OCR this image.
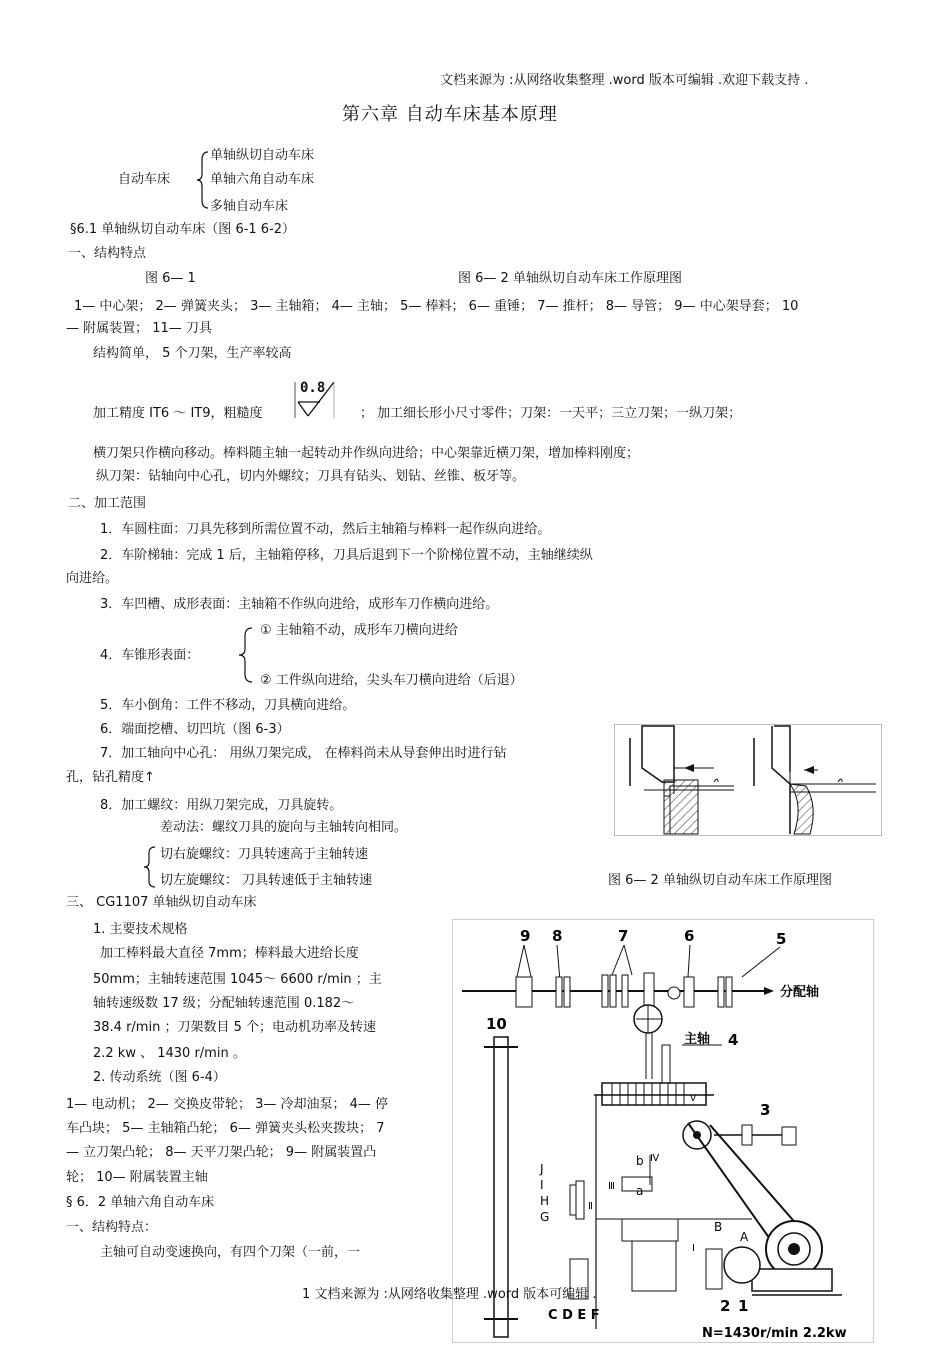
文档来源为 :从网络收集整理 .word 版本可编辑 .欢迎下载支持 .
第六章 自动车床基本原理
自动车床
单轴纵切自动车床
单轴六角自动车床
多轴自动车床
§6.1 单轴纵切自动车床（图 6-1 6-2）
一、结构特点
图 6— 1	图 6— 2 单轴纵切自动车床工作原理图
1— 中心架； 2— 弹簧夹头； 3— 主轴箱； 4— 主轴； 5— 棒料； 6— 重锤； 7— 推杆； 8— 导管； 9— 中心架导套； 10
— 附属装置； 11— 刀具
结构简单， 5 个刀架，生产率较高
加工精度 IT6 ～ IT9，粗糙度
0.8
； 加工细长形小尺寸零件；刀架：一天平；三立刀架；一纵刀架；
横刀架只作横向移动。棒料随主轴一起转动并作纵向进给；中心架靠近横刀架，增加棒料刚度；
纵刀架：钻轴向中心孔，切内外螺纹；刀具有钻头、划钻、丝锥、板牙等。
二、加工范围
1．车圆柱面：刀具先移到所需位置不动，然后主轴箱与棒料一起作纵向进给。
2．车阶梯轴：完成 1 后，主轴箱停移，刀具后退到下一个阶梯位置不动，主轴继续纵
向进给。
3．车凹槽、成形表面：主轴箱不作纵向进给，成形车刀作横向进给。
4．车锥形表面：
① 主轴箱不动，成形车刀横向进给
② 工件纵向进给，尖头车刀横向进给（后退）
5．车小倒角：工件不移动，刀具横向进给。
6．端面挖槽、切凹坑（图 6-3）
7．加工轴向中心孔： 用纵刀架完成， 在棒料尚未从导套伸出时进行钻
孔，钻孔精度↑
8．加工螺纹：用纵刀架完成，刀具旋转。
差动法：螺纹刀具的旋向与主轴转向相同。
切右旋螺纹：刀具转速高于主轴转速
切左旋螺纹： 刀具转速低于主轴转速	图 6— 2 单轴纵切自动车床工作原理图
三、 CG1107 单轴纵切自动车床
1. 主要技术规格
加工棒料最大直径 7mm；棒料最大进给长度
50mm；主轴转速范围 1045～ 6600 r/min ；主
轴转速级数 17 级；分配轴转速范围 0.182～
38.4 r/min ；刀架数目 5 个；电动机功率及转速
2.2 kw 、 1430 r/min 。
2. 传动系统（图 6-4）
1— 电动机； 2— 交换皮带轮； 3— 冷却油泵； 4— 停
车凸块； 5— 主轴箱凸轮； 6— 弹簧夹头松夹拨块； 7
— 立刀架凸轮； 8— 天平刀架凸轮； 9— 附属装置凸
轮； 10— 附属装置主轴
§ 6．2 单轴六角自动车床
一、结构特点：
主轴可自动变速换向，有四个刀架（一前，一
9 8	7	6	5
分配轴
主轴 4
Ⅴ
10
J
I
H
G
Ⅱ
Ⅲ a
b Ⅳ
C D E F
3
B
A
Ⅰ
2 1
N=1430r/min 2.2kw
1 文档来源为 :从网络收集整理 .word 版本可编辑 .
